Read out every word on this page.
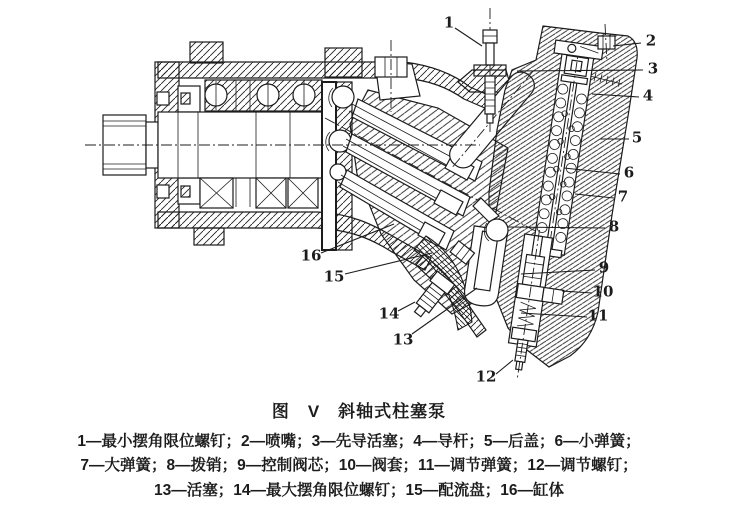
1
2
3
4
5
6
7
8
9
10
11
12
13
14
15
16
图　V　斜轴式柱塞泵
1—最小摆角限位螺钉；2—喷嘴；3—先导活塞；4—导杆；5—后盖；6—小弹簧；
7—大弹簧；8—拨销；9—控制阀芯；10—阀套；11—调节弹簧；12—调节螺钉；
13—活塞；14—最大摆角限位螺钉；15—配流盘；16—缸体
